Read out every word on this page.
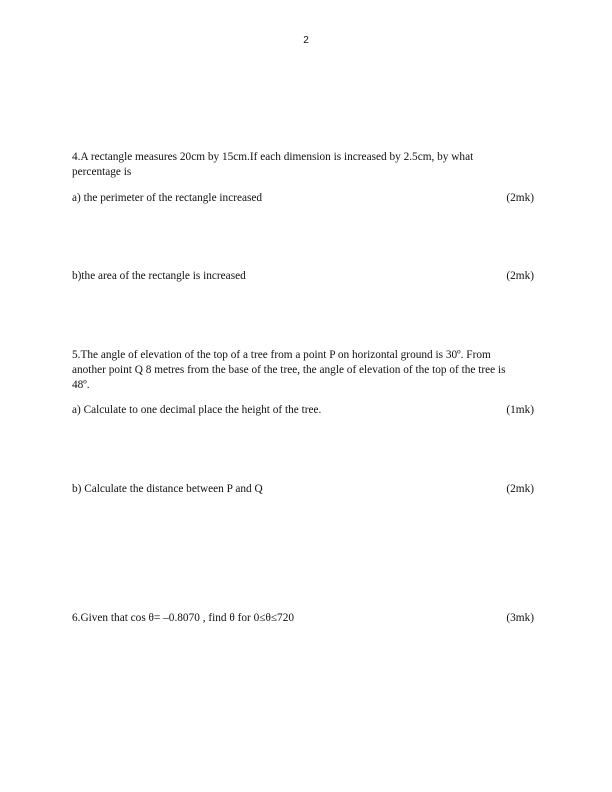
2
4.A rectangle measures 20cm by 15cm.If each dimension is increased by 2.5cm, by what
percentage is
a) the perimeter of the rectangle increased	(2mk)
b)the area of the rectangle is increased	(2mk)
5.The angle of elevation of the top of a tree from a point P on horizontal ground is 30º. From
another point Q 8 metres from the base of the tree, the angle of elevation of the top of the tree is
48º.
a) Calculate to one decimal place the height of the tree.	(1mk)
b) Calculate the distance between P and Q	(2mk)
6.Given that cos θ= –0.8070 , find θ for 0≤θ≤720	(3mk)
